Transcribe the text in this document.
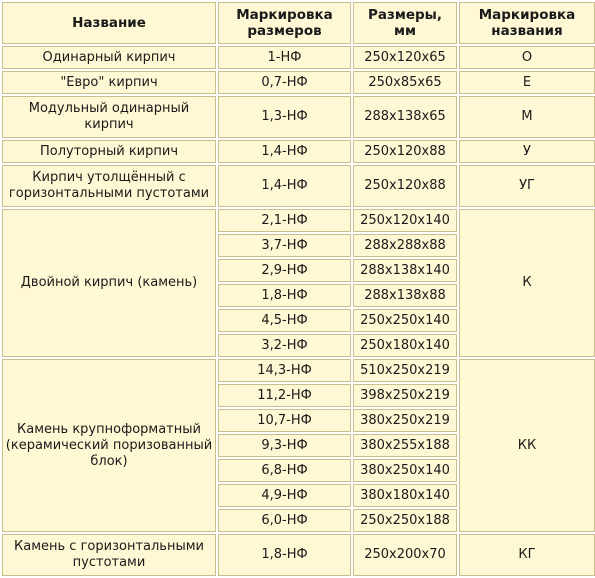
Название	Маркировка размеров	Размеры, мм	Маркировка названия
Одинарный кирпич	1-НФ	250x120x65	О
"Евро" кирпич	0,7-НФ	250x85x65	Е
Модульный одинарный кирпич	1,3-НФ	288x138x65	М
Полуторный кирпич	1,4-НФ	250x120x88	У
Кирпич утолщённый с горизонтальными пустотами	1,4-НФ	250x120x88	УГ
Двойной кирпич (камень)	2,1-НФ	250x120x140	К
	3,7-НФ	288x288x88	
	2,9-НФ	288x138x140	
	1,8-НФ	288x138x88	
	4,5-НФ	250x250x140	
	3,2-НФ	250x180x140	
Камень крупноформатный (керамический поризованный блок)	14,3-НФ	510x250x219	КК
	11,2-НФ	398x250x219	
	10,7-НФ	380x250x219	
	9,3-НФ	380x255x188	
	6,8-НФ	380x250x140	
	4,9-НФ	380x180x140	
	6,0-НФ	250x250x188	
Камень с горизонтальными пустотами	1,8-НФ	250x200x70	КГ
